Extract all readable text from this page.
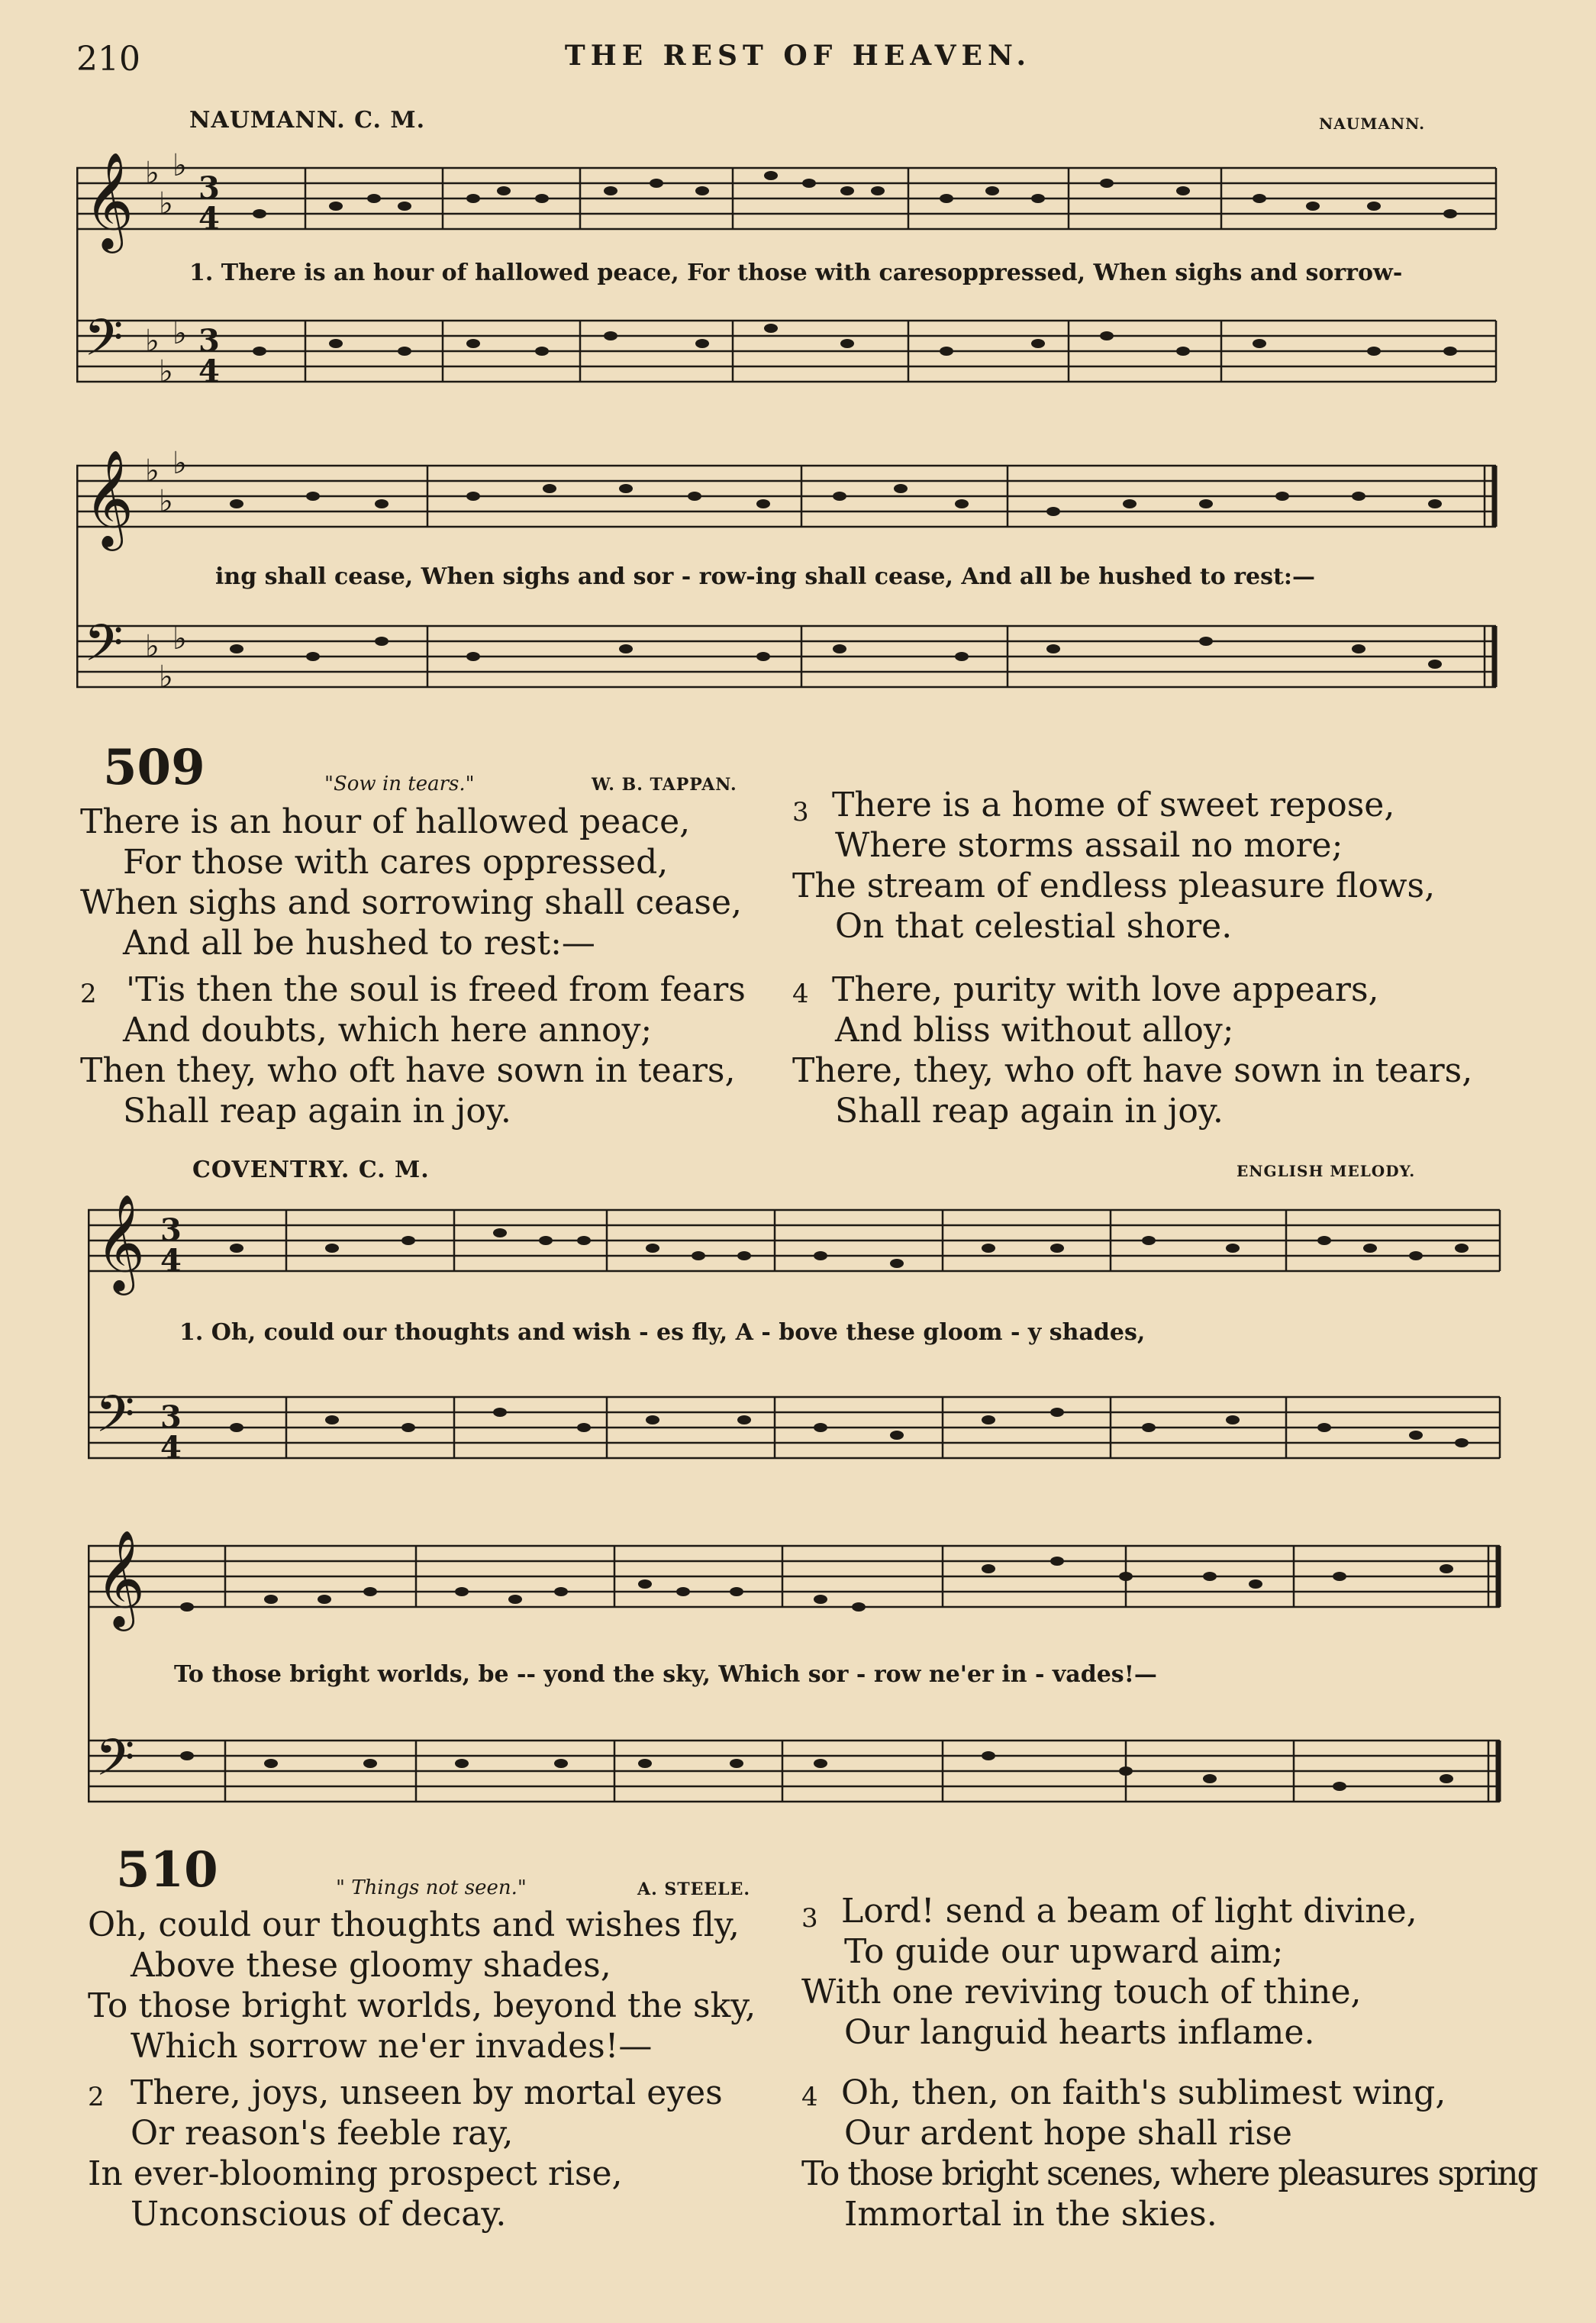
210	THE REST OF HEAVEN.
NAUMANN. C. M.	NAUMANN.
𝄞
𝄢
3
4
3
4
♭
♭
♭
♭
♭
♭
1. There is an hour of hallowed peace, For those with caresoppressed, When sighs and sorrow-
𝄞
𝄢
♭
♭
♭
♭
♭
♭
ing shall cease, When sighs and sor - row-ing shall cease, And all be hushed to rest:—
509	"Sow in tears."	W. B. TAPPAN.
There is an hour of hallowed peace,
For those with cares oppressed,
When sighs and sorrowing shall cease,
And all be hushed to rest:—
2 'Tis then the soul is freed from fears
And doubts, which here annoy;
Then they, who oft have sown in tears,
Shall reap again in joy.
3 There is a home of sweet repose,
Where storms assail no more;
The stream of endless pleasure flows,
On that celestial shore.
4 There, purity with love appears,
And bliss without alloy;
There, they, who oft have sown in tears,
Shall reap again in joy.
COVENTRY. C. M.	ENGLISH MELODY.
𝄞
𝄢
3
4
3
4
1. Oh, could our thoughts and wish - es fly, A - bove these gloom - y shades,
𝄞
𝄢
To those bright worlds, be -- yond the sky, Which sor - row ne'er in - vades!—
510	" Things not seen."	A. STEELE.
Oh, could our thoughts and wishes fly,
Above these gloomy shades,
To those bright worlds, beyond the sky,
Which sorrow ne'er invades!—
2 There, joys, unseen by mortal eyes
Or reason's feeble ray,
In ever-blooming prospect rise,
Unconscious of decay.
3 Lord! send a beam of light divine,
To guide our upward aim;
With one reviving touch of thine,
Our languid hearts inflame.
4 Oh, then, on faith's sublimest wing,
Our ardent hope shall rise
To those bright scenes, where pleasures spring
Immortal in the skies.
